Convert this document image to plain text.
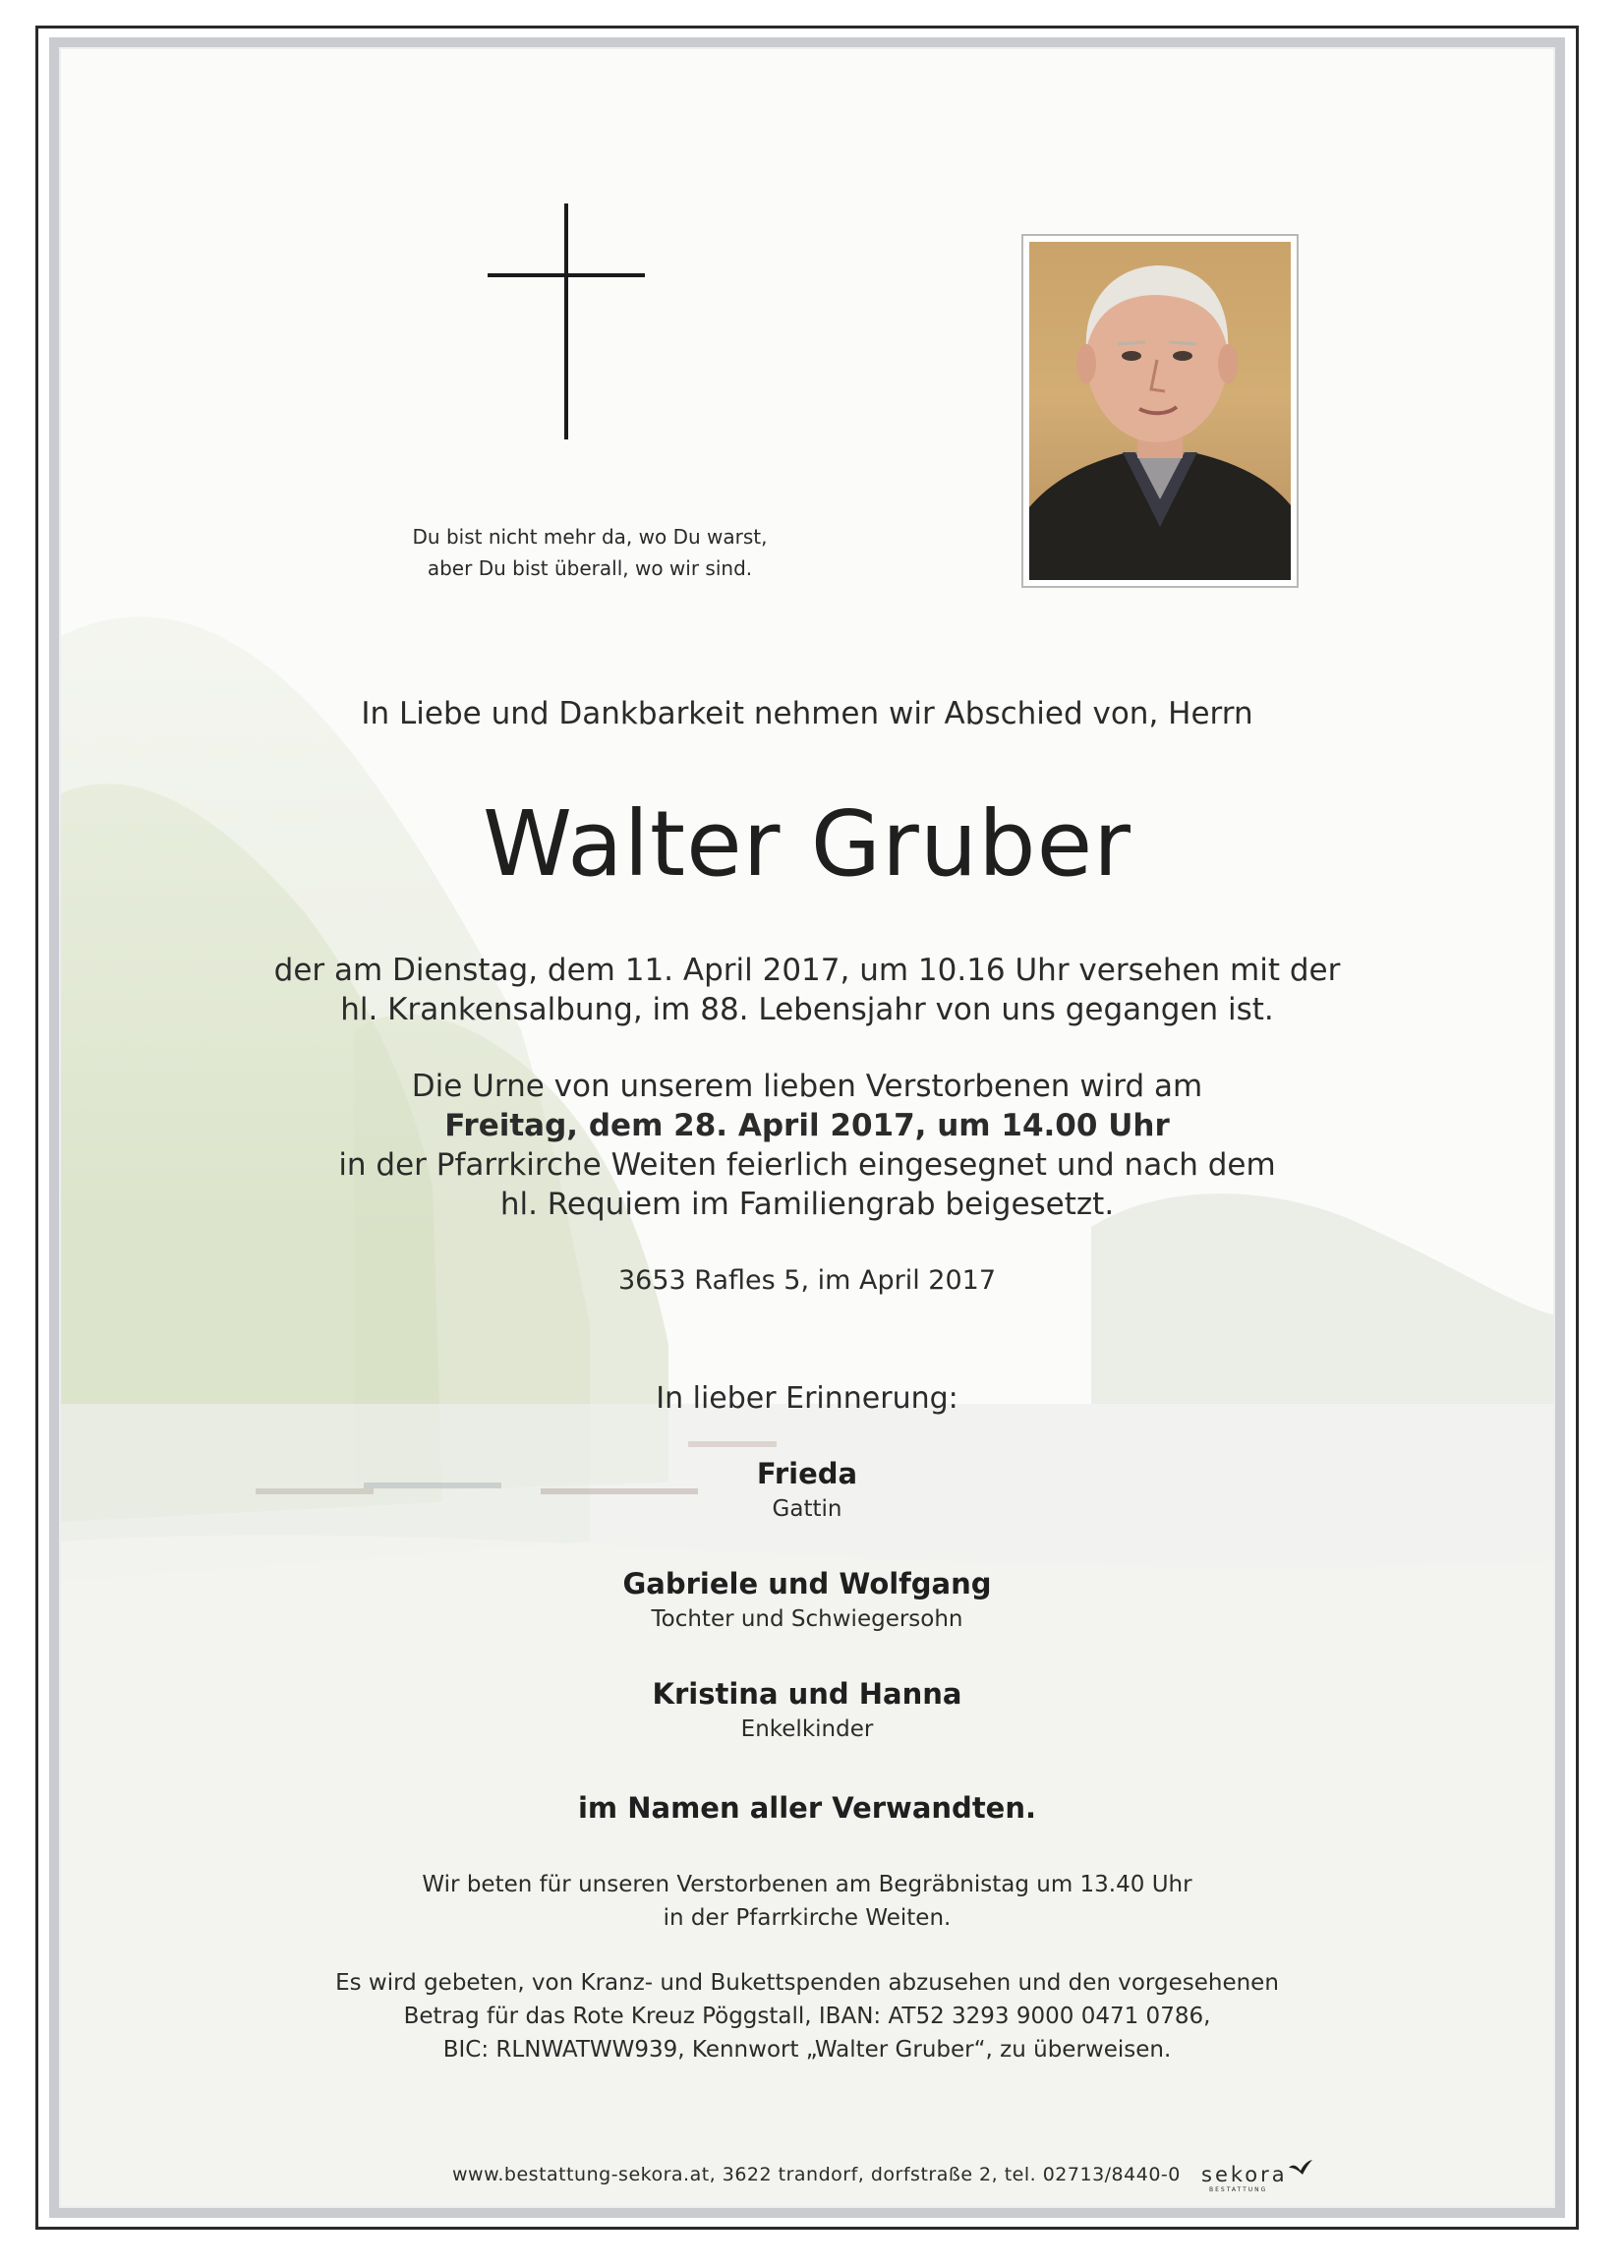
Du bist nicht mehr da, wo Du warst,
aber Du bist überall, wo wir sind.
In Liebe und Dankbarkeit nehmen wir Abschied von, Herrn
Walter Gruber
der am Dienstag, dem 11. April 2017, um 10.16 Uhr versehen mit der
hl. Krankensalbung, im 88. Lebensjahr von uns gegangen ist.
Die Urne von unserem lieben Verstorbenen wird am
Freitag, dem 28. April 2017, um 14.00 Uhr
in der Pfarrkirche Weiten feierlich eingesegnet und nach dem
hl. Requiem im Familiengrab beigesetzt.
3653 Rafles 5, im April 2017
In lieber Erinnerung:
Frieda
Gattin
Gabriele und Wolfgang
Tochter und Schwiegersohn
Kristina und Hanna
Enkelkinder
im Namen aller Verwandten.
Wir beten für unseren Verstorbenen am Begräbnistag um 13.40 Uhr
in der Pfarrkirche Weiten.
Es wird gebeten, von Kranz- und Bukettspenden abzusehen und den vorgesehenen
Betrag für das Rote Kreuz Pöggstall, IBAN: AT52 3293 9000 0471 0786,
BIC: RLNWATWW939, Kennwort „Walter Gruber“, zu überweisen.
www.bestattung-sekora.at, 3622 trandorf, dorfstraße 2, tel. 02713/8440-0 sekora
BESTATTUNG
